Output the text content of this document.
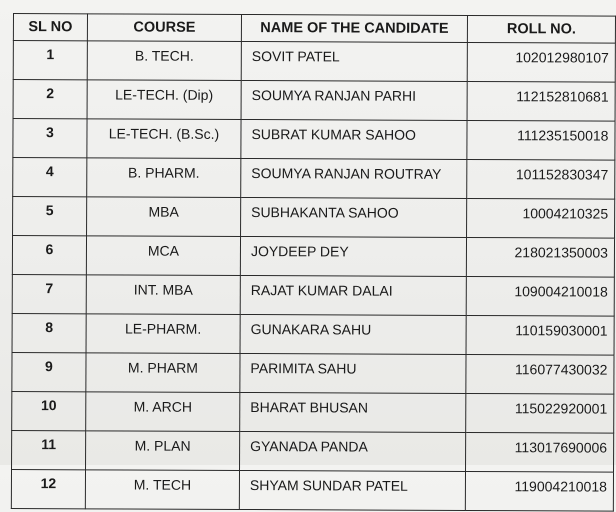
SL NO	COURSE	NAME OF THE CANDIDATE	ROLL NO.
1	B. TECH.	SOVIT PATEL	102012980107
2	LE-TECH. (Dip)	SOUMYA RANJAN PARHI	112152810681
3	LE-TECH. (B.Sc.)	SUBRAT KUMAR SAHOO	111235150018
4	B. PHARM.	SOUMYA RANJAN ROUTRAY	101152830347
5	MBA	SUBHAKANTA SAHOO	10004210325
6	MCA	JOYDEEP DEY	218021350003
7	INT. MBA	RAJAT KUMAR DALAI	109004210018
8	LE-PHARM.	GUNAKARA SAHU	110159030001
9	M. PHARM	PARIMITA SAHU	116077430032
10	M. ARCH	BHARAT BHUSAN	115022920001
11	M. PLAN	GYANADA PANDA	113017690006
12	M. TECH	SHYAM SUNDAR PATEL	119004210018
